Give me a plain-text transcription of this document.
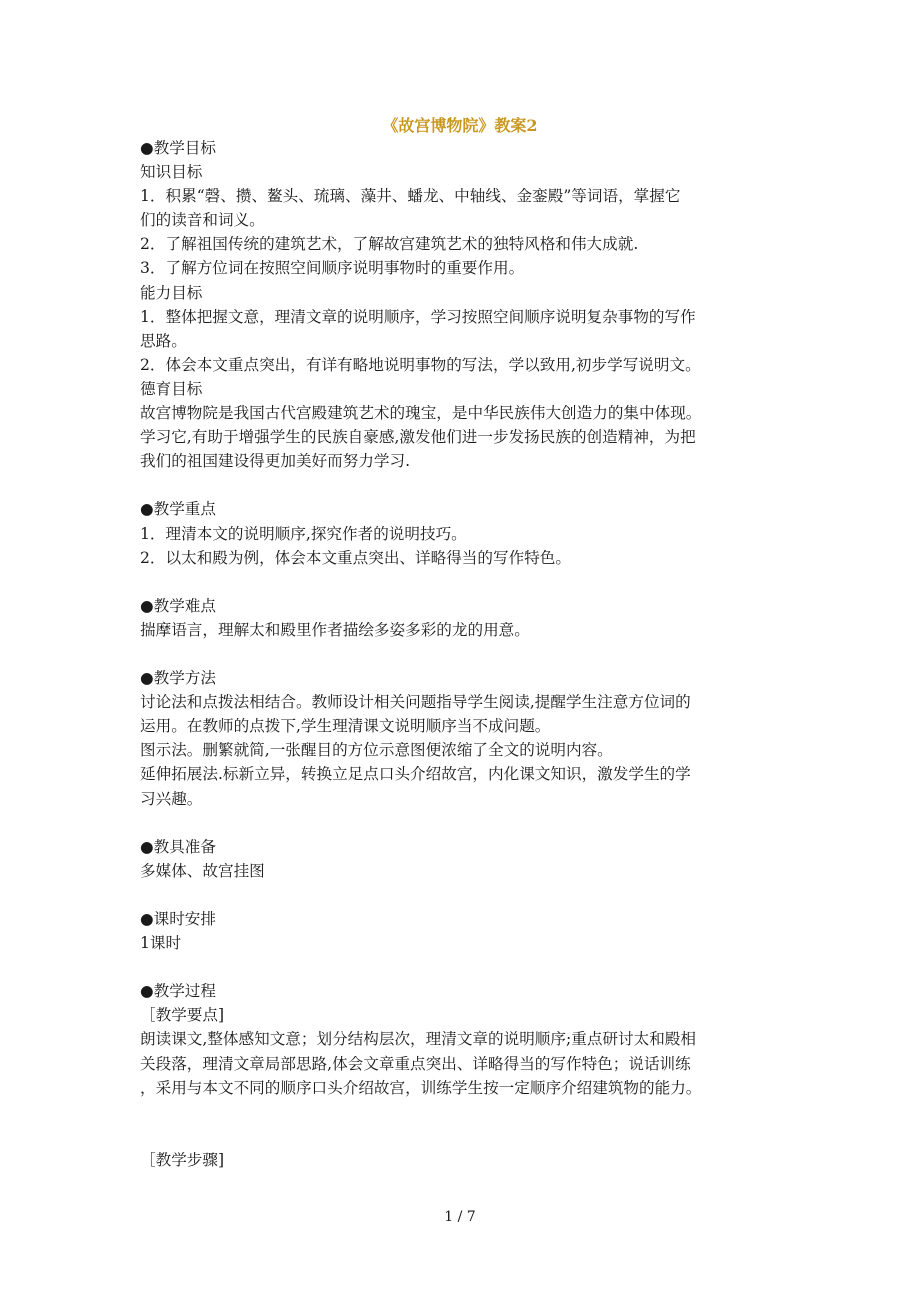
《故宫博物院》教案2
●教学目标
知识目标
1．积累“磬、攒、鳌头、琉璃、藻井、蟠龙、中轴线、金銮殿”等词语，掌握它
们的读音和词义。
2．了解祖国传统的建筑艺术，了解故宫建筑艺术的独特风格和伟大成就.
3．了解方位词在按照空间顺序说明事物时的重要作用。
能力目标
1．整体把握文意，理清文章的说明顺序，学习按照空间顺序说明复杂事物的写作
思路。
2．体会本文重点突出，有详有略地说明事物的写法，学以致用,初步学写说明文。
德育目标
故宫博物院是我国古代宫殿建筑艺术的瑰宝，是中华民族伟大创造力的集中体现。
学习它,有助于增强学生的民族自豪感,激发他们进一步发扬民族的创造精神，为把
我们的祖国建设得更加美好而努力学习.
●教学重点
1．理清本文的说明顺序,探究作者的说明技巧。
2．以太和殿为例，体会本文重点突出、详略得当的写作特色。
●教学难点
揣摩语言，理解太和殿里作者描绘多姿多彩的龙的用意。
●教学方法
讨论法和点拨法相结合。教师设计相关问题指导学生阅读,提醒学生注意方位词的
运用。在教师的点拨下,学生理清课文说明顺序当不成问题。
图示法。删繁就简,一张醒目的方位示意图便浓缩了全文的说明内容。
延伸拓展法.标新立异，转换立足点口头介绍故宫，内化课文知识，激发学生的学
习兴趣。
●教具准备
多媒体、故宫挂图
●课时安排
1课时
●教学过程
［教学要点]
朗读课文,整体感知文意；划分结构层次，理清文章的说明顺序;重点研讨太和殿相
关段落，理清文章局部思路,体会文章重点突出、详略得当的写作特色；说话训练
，采用与本文不同的顺序口头介绍故宫，训练学生按一定顺序介绍建筑物的能力。
［教学步骤]
1 / 7
